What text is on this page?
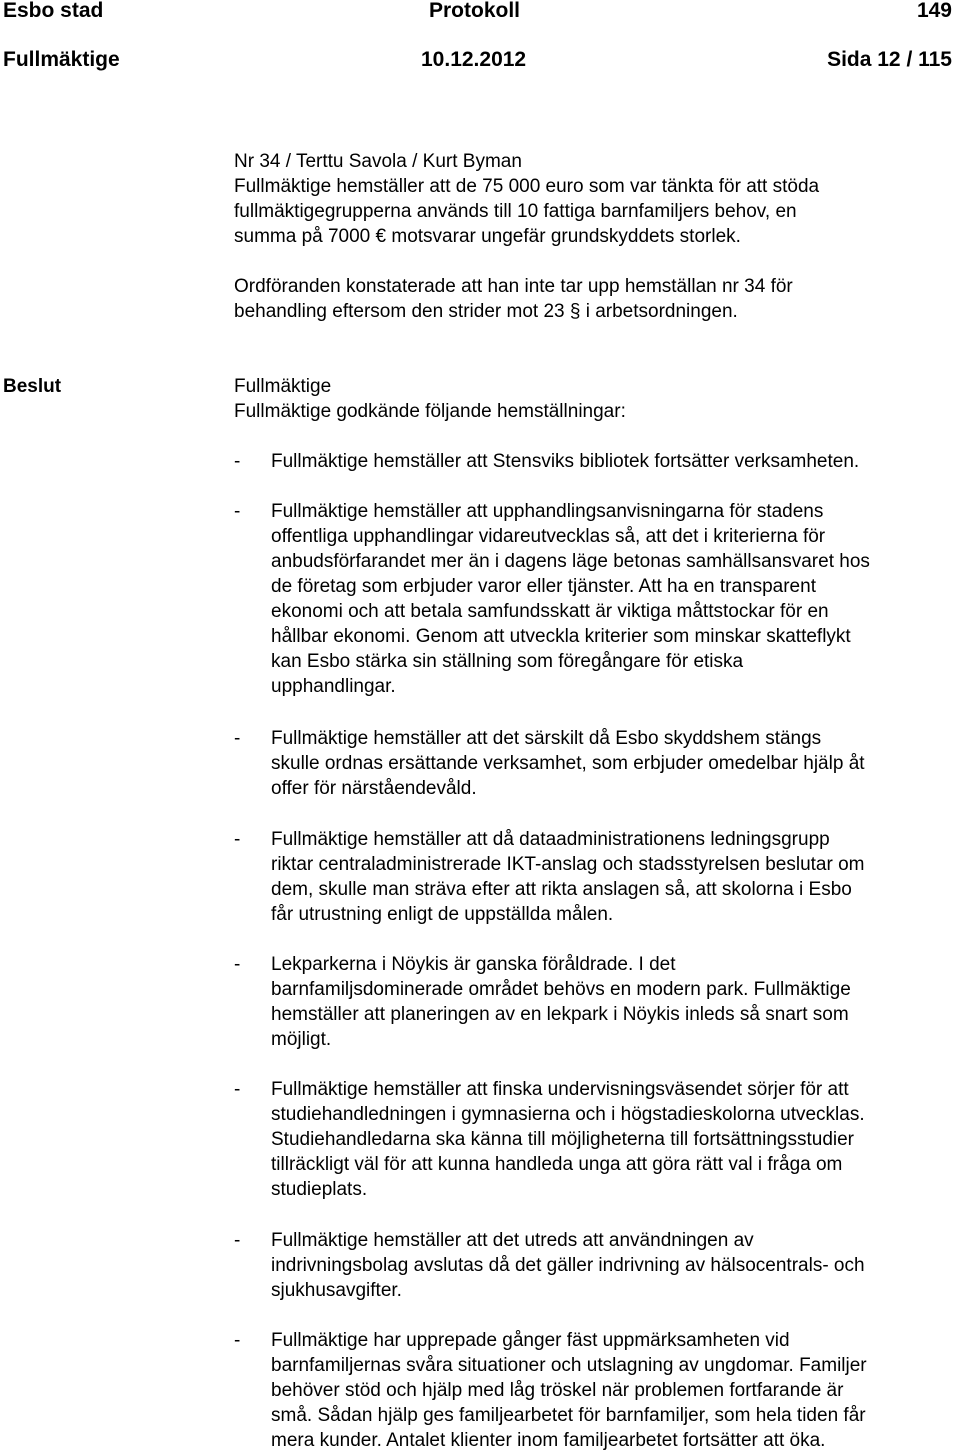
Esbo stad	Protokoll	149
Fullmäktige	10.12.2012	Sida 12 / 115
Nr 34 / Terttu Savola / Kurt Byman
Fullmäktige hemställer att de 75 000 euro som var tänkta för att stöda
fullmäktigegrupperna används till 10 fattiga barnfamiljers behov, en
summa på 7000 € motsvarar ungefär grundskyddets storlek.
Ordföranden konstaterade att han inte tar upp hemställan nr 34 för
behandling eftersom den strider mot 23 § i arbetsordningen.
Beslut	Fullmäktige
Fullmäktige godkände följande hemställningar:
- Fullmäktige hemställer att Stensviks bibliotek fortsätter verksamheten.
- Fullmäktige hemställer att upphandlingsanvisningarna för stadens
offentliga upphandlingar vidareutvecklas så, att det i kriterierna för
anbudsförfarandet mer än i dagens läge betonas samhällsansvaret hos
de företag som erbjuder varor eller tjänster. Att ha en transparent
ekonomi och att betala samfundsskatt är viktiga måttstockar för en
hållbar ekonomi. Genom att utveckla kriterier som minskar skatteflykt
kan Esbo stärka sin ställning som föregångare för etiska
upphandlingar.
- Fullmäktige hemställer att det särskilt då Esbo skyddshem stängs
skulle ordnas ersättande verksamhet, som erbjuder omedelbar hjälp åt
offer för närståendevåld.
- Fullmäktige hemställer att då dataadministrationens ledningsgrupp
riktar centraladministrerade IKT-anslag och stadsstyrelsen beslutar om
dem, skulle man sträva efter att rikta anslagen så, att skolorna i Esbo
får utrustning enligt de uppställda målen.
- Lekparkerna i Nöykis är ganska föråldrade. I det
barnfamiljsdominerade området behövs en modern park. Fullmäktige
hemställer att planeringen av en lekpark i Nöykis inleds så snart som
möjligt.
- Fullmäktige hemställer att finska undervisningsväsendet sörjer för att
studiehandledningen i gymnasierna och i högstadieskolorna utvecklas.
Studiehandledarna ska känna till möjligheterna till fortsättningsstudier
tillräckligt väl för att kunna handleda unga att göra rätt val i fråga om
studieplats.
- Fullmäktige hemställer att det utreds att användningen av
indrivningsbolag avslutas då det gäller indrivning av hälsocentrals- och
sjukhusavgifter.
- Fullmäktige har upprepade gånger fäst uppmärksamheten vid
barnfamiljernas svåra situationer och utslagning av ungdomar. Familjer
behöver stöd och hjälp med låg tröskel när problemen fortfarande är
små. Sådan hjälp ges familjearbetet för barnfamiljer, som hela tiden får
mera kunder. Antalet klienter inom familjearbetet fortsätter att öka.
